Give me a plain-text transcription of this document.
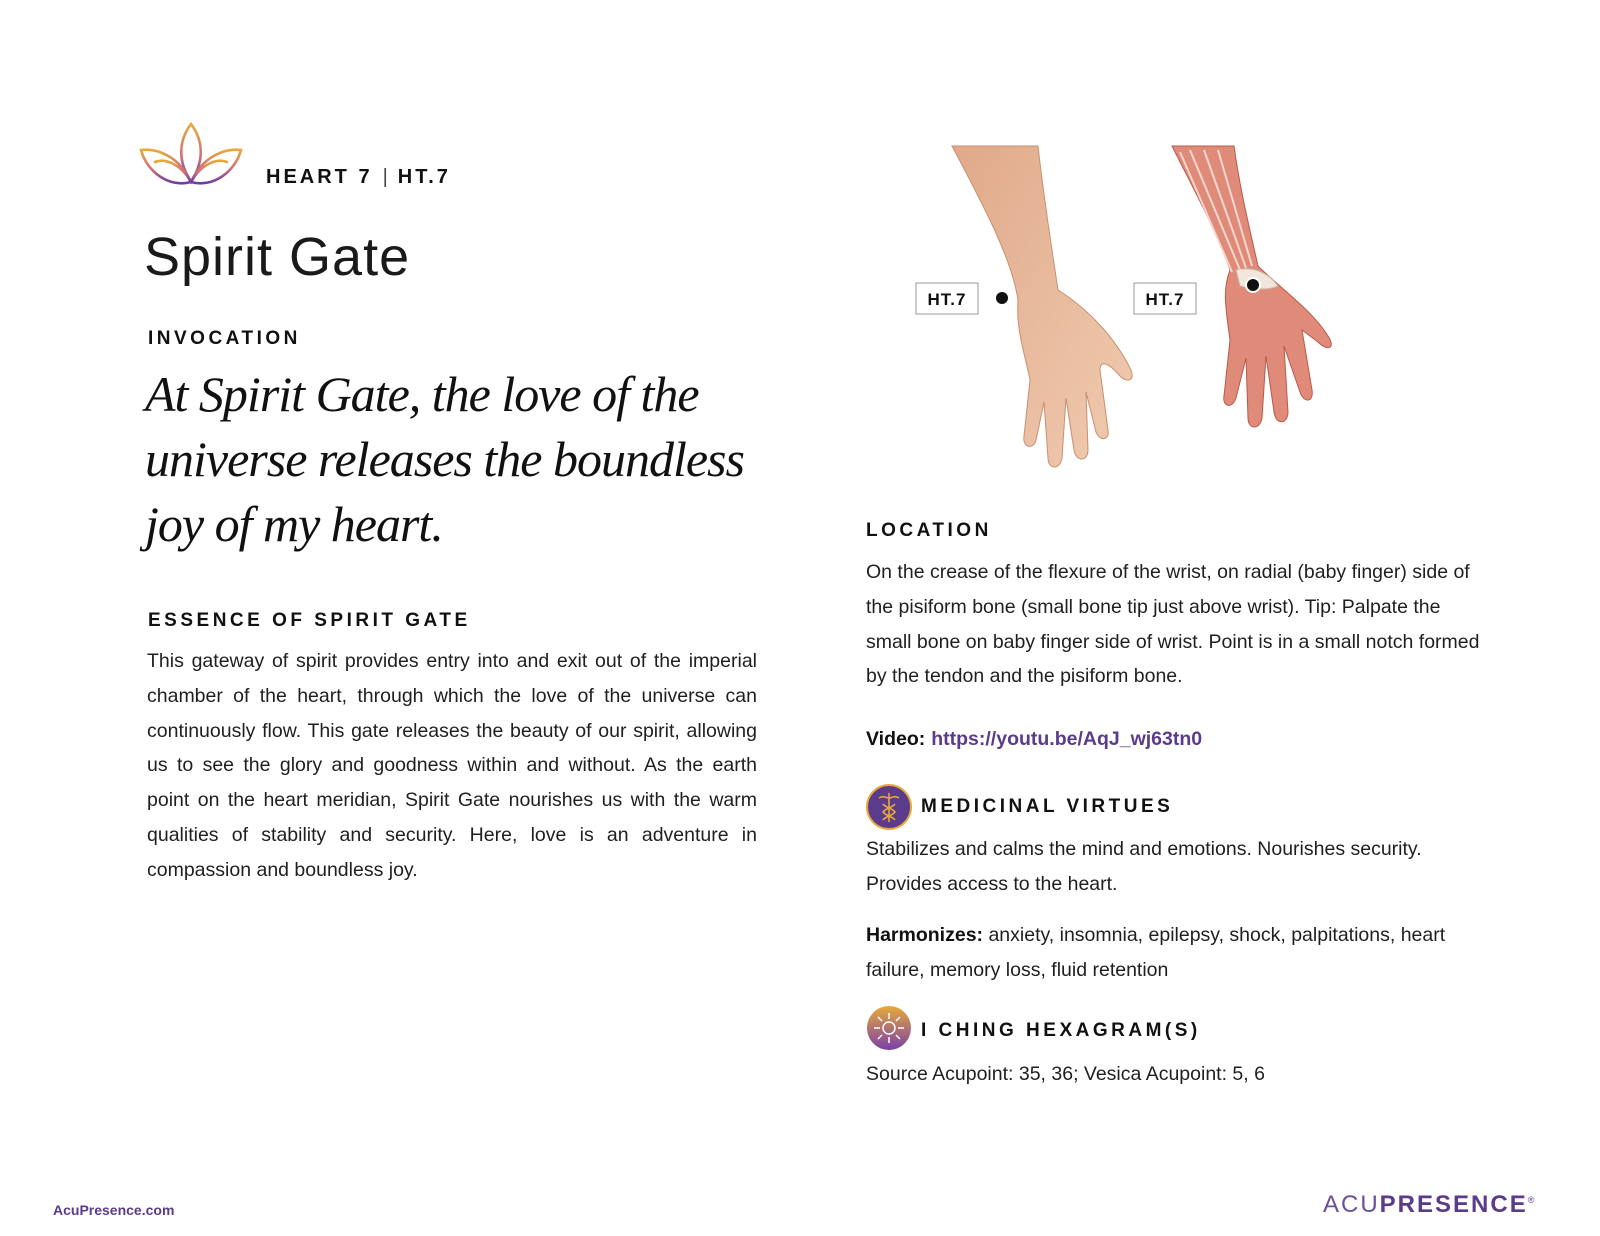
HEART 7 | HT.7
Spirit Gate
INVOCATION
At Spirit Gate, the love of the universe releases the boundless joy of my heart.
ESSENCE OF SPIRIT GATE
This gateway of spirit provides entry into and exit out of the imperial chamber of the heart, through which the love of the universe can continuously flow. This gate releases the beauty of our spirit, allowing us to see the glory and goodness within and without. As the earth point on the heart meridian, Spirit Gate nourishes us with the warm qualities of stability and security. Here, love is an adventure in compassion and boundless joy.
HT.7	HT.7
LOCATION
On the crease of the flexure of the wrist, on radial (baby finger) side of the pisiform bone (small bone tip just above wrist). Tip: Palpate the small bone on baby finger side of wrist. Point is in a small notch formed by the tendon and the pisiform bone.
Video: https://youtu.be/AqJ_wj63tn0
MEDICINAL VIRTUES
Stabilizes and calms the mind and emotions. Nourishes security. Provides access to the heart.
Harmonizes: anxiety, insomnia, epilepsy, shock, palpitations, heart failure, memory loss, fluid retention
I CHING HEXAGRAM(S)
Source Acupoint: 35, 36; Vesica Acupoint: 5, 6
AcuPresence.com	ACUPRESENCE®
